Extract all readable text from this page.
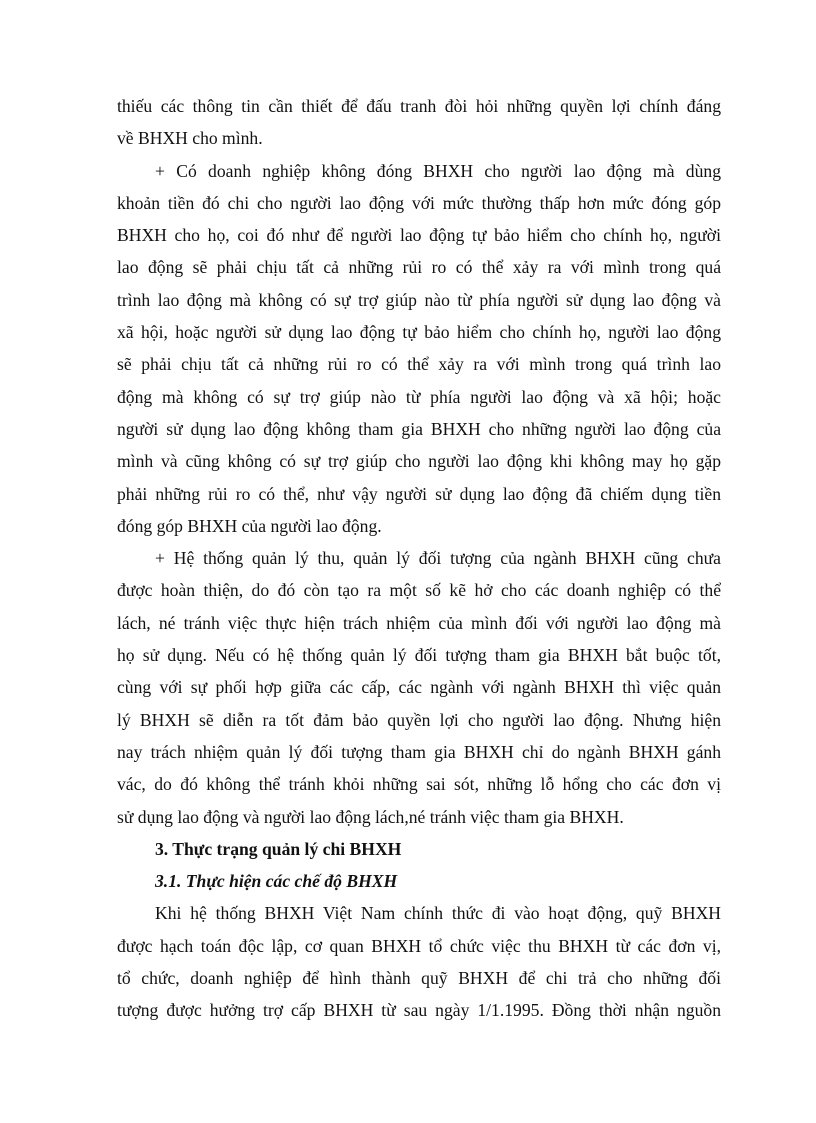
thiếu các thông tin cần thiết để đấu tranh đòi hỏi những quyền lợi chính đáng
về BHXH cho mình.
+ Có doanh nghiệp không đóng BHXH cho người lao động mà dùng
khoản tiền đó chi cho người lao động với mức thường thấp hơn mức đóng góp
BHXH cho họ, coi đó như để người lao động tự bảo hiểm cho chính họ, người
lao động sẽ phải chịu tất cả những rủi ro có thể xảy ra với mình trong quá
trình lao động mà không có sự trợ giúp nào từ phía người sử dụng lao động và
xã hội, hoặc người sử dụng lao động tự bảo hiểm cho chính họ, người lao động
sẽ phải chịu tất cả những rủi ro có thể xảy ra với mình trong quá trình lao
động mà không có sự trợ giúp nào từ phía người lao động và xã hội; hoặc
người sử dụng lao động không tham gia BHXH cho những người lao động của
mình và cũng không có sự trợ giúp cho người lao động khi không may họ gặp
phải những rủi ro có thể, như vậy người sử dụng lao động đã chiếm dụng tiền
đóng góp BHXH của người lao động.
+ Hệ thống quản lý thu, quản lý đối tượng của ngành BHXH cũng chưa
được hoàn thiện, do đó còn tạo ra một số kẽ hở cho các doanh nghiệp có thể
lách, né tránh việc thực hiện trách nhiệm của mình đối với người lao động mà
họ sử dụng. Nếu có hệ thống quản lý đối tượng tham gia BHXH bắt buộc tốt,
cùng với sự phối hợp giữa các cấp, các ngành với ngành BHXH thì việc quản
lý BHXH sẽ diễn ra tốt đảm bảo quyền lợi cho người lao động. Nhưng hiện
nay trách nhiệm quản lý đối tượng tham gia BHXH chỉ do ngành BHXH gánh
vác, do đó không thể tránh khỏi những sai sót, những lỗ hổng cho các đơn vị
sử dụng lao động và người lao động lách,né tránh việc tham gia BHXH.
3. Thực trạng quản lý chi BHXH
3.1. Thực hiện các chế độ BHXH
Khi hệ thống BHXH Việt Nam chính thức đi vào hoạt động, quỹ BHXH
được hạch toán độc lập, cơ quan BHXH tổ chức việc thu BHXH từ các đơn vị,
tổ chức, doanh nghiệp để hình thành quỹ BHXH để chi trả cho những đối
tượng được hưởng trợ cấp BHXH từ sau ngày 1/1.1995. Đồng thời nhận nguồn
